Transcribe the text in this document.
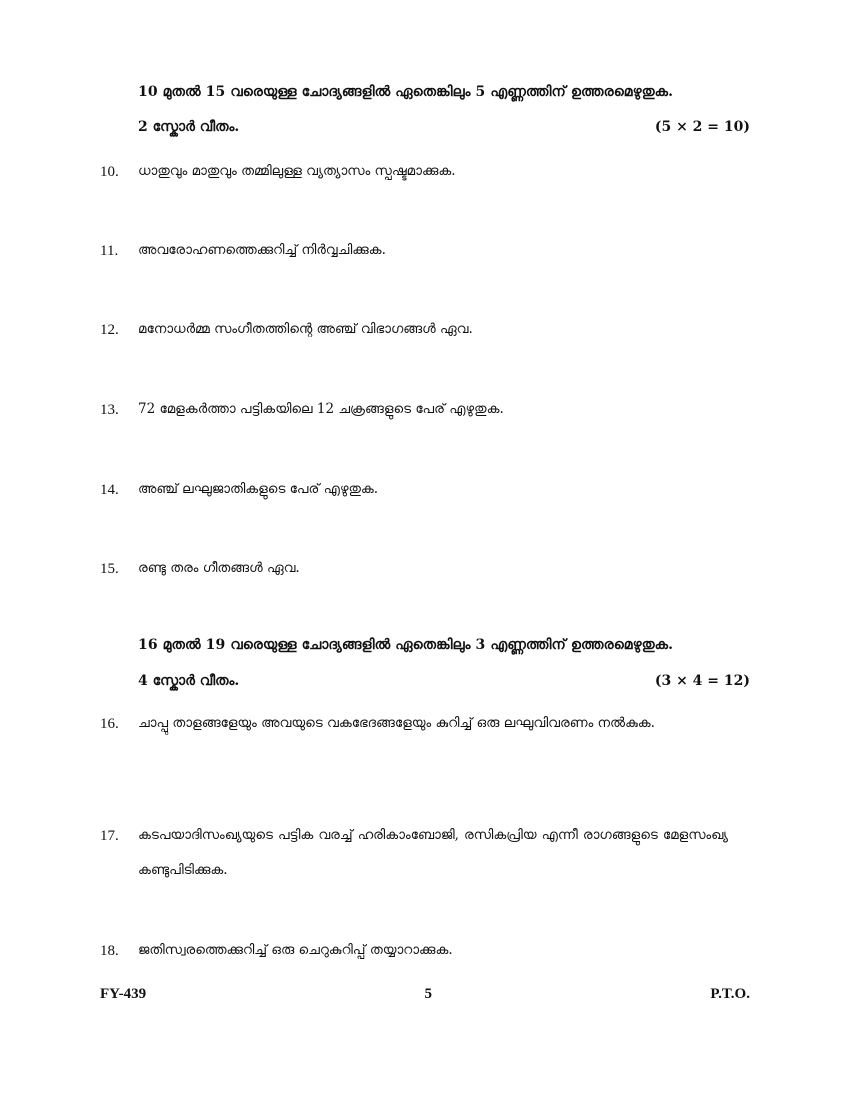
10 മുതൽ 15 വരെയുള്ള ചോദ്യങ്ങളിൽ ഏതെങ്കിലും 5 എണ്ണത്തിന് ഉത്തരമെഴുതുക.
2 സ്കോർ വീതം.	(5 × 2 = 10)
10.	ധാതുവും മാതുവും തമ്മിലുള്ള വ്യത്യാസം സ്പഷ്ടമാക്കുക.
11.	അവരോഹണത്തെക്കുറിച്ച് നിർവ്വചിക്കുക.
12.	മനോധർമ്മ സംഗീതത്തിന്റെ അഞ്ച് വിഭാഗങ്ങൾ ഏവ.
13.	72 മേളകർത്താ പട്ടികയിലെ 12 ചക്രങ്ങളുടെ പേര് എഴുതുക.
14.	അഞ്ച് ലഘുജാതികളുടെ പേര് എഴുതുക.
15.	രണ്ടു തരം ഗീതങ്ങൾ ഏവ.
16 മുതൽ 19 വരെയുള്ള ചോദ്യങ്ങളിൽ ഏതെങ്കിലും 3 എണ്ണത്തിന് ഉത്തരമെഴുതുക.
4 സ്കോർ വീതം.	(3 × 4 = 12)
16.	ചാപ്പു താളങ്ങളേയും അവയുടെ വകഭേദങ്ങളേയും കുറിച്ച് ഒരു ലഘുവിവരണം നൽകുക.
17.	കടപയാദിസംഖ്യയുടെ പട്ടിക വരച്ച് ഹരികാംബോജി, രസികപ്രിയ എന്നീ രാഗങ്ങളുടെ മേളസംഖ്യ കണ്ടുപിടിക്കുക.
18.	ജതിസ്വരത്തെക്കുറിച്ച് ഒരു ചെറുകുറിപ്പ് തയ്യാറാക്കുക.
FY-439	5	P.T.O.
